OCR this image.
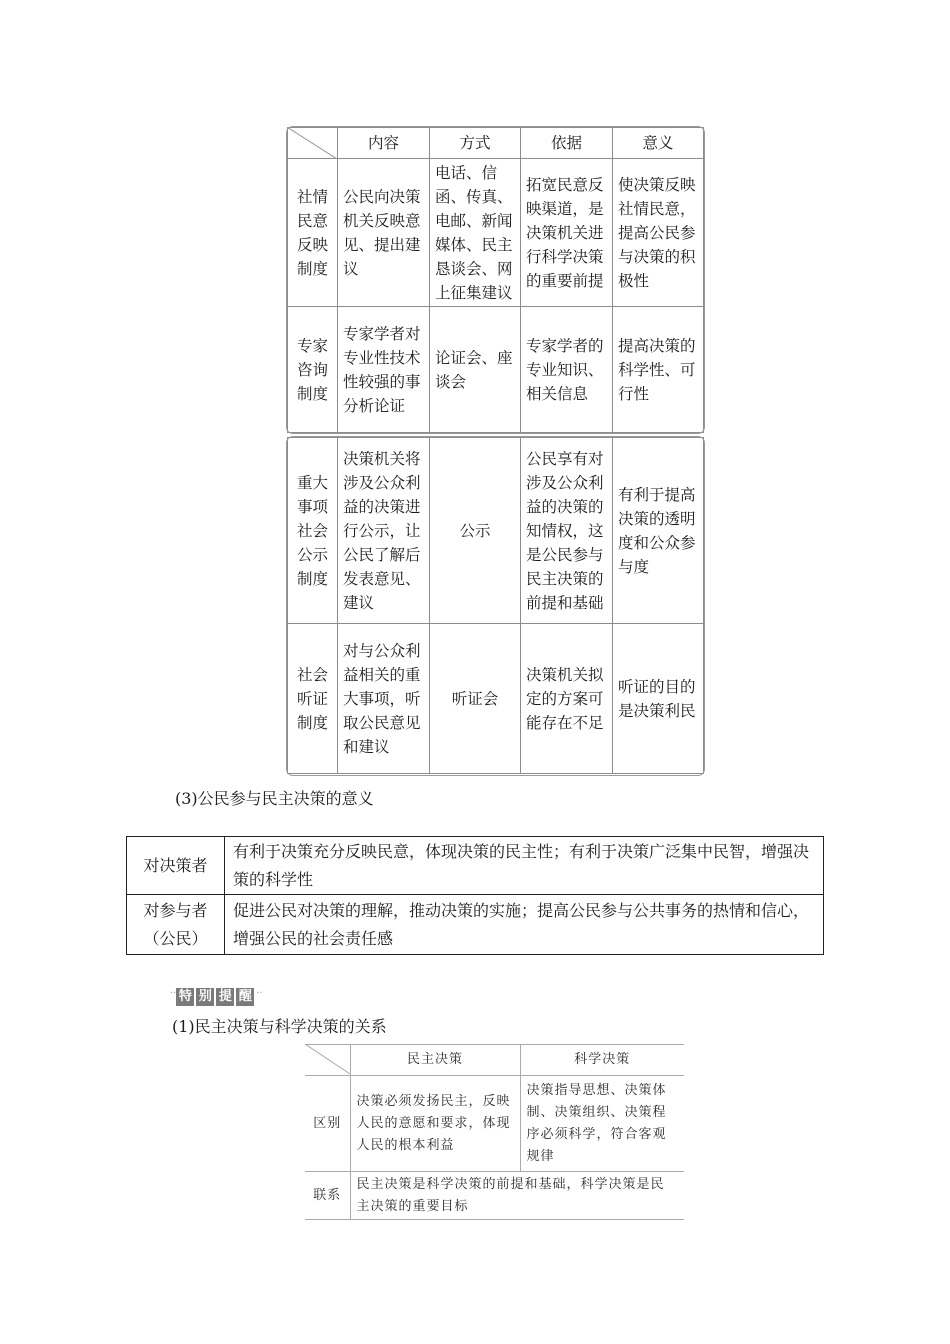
	内容	方式	依据	意义
社情民意反映制度	公民向决策机关反映意见、提出建议	电话、信函、传真、电邮、新闻媒体、民主恳谈会、网上征集建议	拓宽民意反映渠道，是决策机关进行科学决策的重要前提	使决策反映社情民意，提高公民参与决策的积极性
专家咨询制度	专家学者对专业性技术性较强的事分析论证	论证会、座谈会	专家学者的专业知识、相关信息	提高决策的科学性、可行性
重大事项社会公示制度	决策机关将涉及公众利益的决策进行公示，让公民了解后发表意见、建议	公示	公民享有对涉及公众利益的决策的知情权，这是公民参与民主决策的前提和基础	有利于提高决策的透明度和公众参与度
社会听证制度	对与公众利益相关的重大事项，听取公民意见和建议	听证会	决策机关拟定的方案可能存在不足	听证的目的是决策利民
(3)公民参与民主决策的意义
对决策者	有利于决策充分反映民意，体现决策的民主性；有利于决策广泛集中民智，增强决策的科学性
对参与者（公民）	促进公民对决策的理解，推动决策的实施；提高公民参与公共事务的热情和信心，增强公民的社会责任感
·· 特 别 提 醒 ··
(1)民主决策与科学决策的关系
	民主决策	科学决策
区别	决策必须发扬民主，反映人民的意愿和要求，体现人民的根本利益	决策指导思想、决策体制、决策组织、决策程序必须科学，符合客观规律
联系	民主决策是科学决策的前提和基础，科学决策是民主决策的重要目标	
